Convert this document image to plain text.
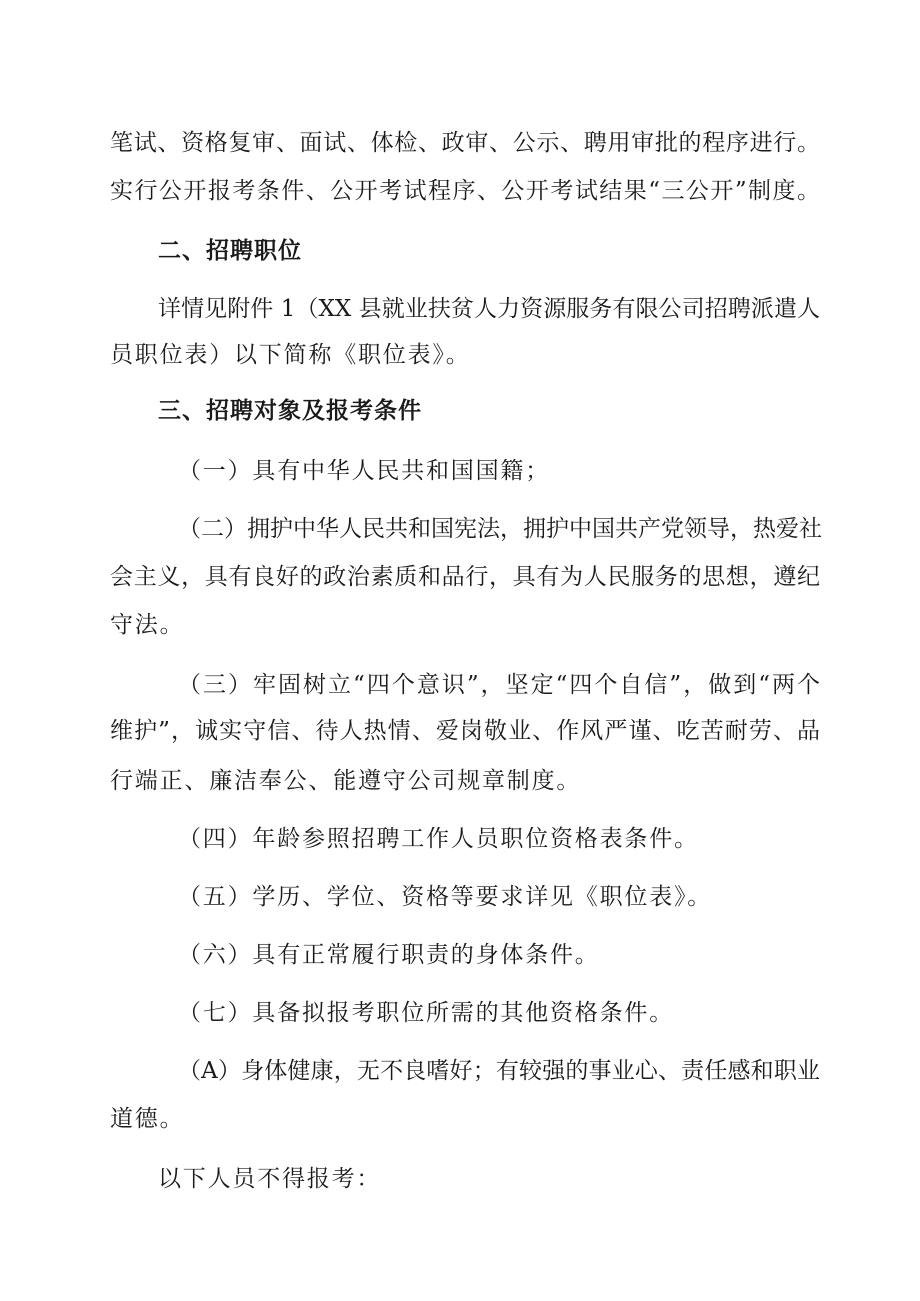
笔试、资格复审、面试、体检、政审、公示、聘用审批的程序进行。
实行公开报考条件、公开考试程序、公开考试结果“三公开”制度。
二、招聘职位
详情见附件 1（XX 县就业扶贫人力资源服务有限公司招聘派遣人
员职位表）以下简称《职位表》。
三、招聘对象及报考条件
（一）具有中华人民共和国国籍；
（二）拥护中华人民共和国宪法，拥护中国共产党领导，热爱社
会主义，具有良好的政治素质和品行，具有为人民服务的思想，遵纪
守法。
（三）牢固树立“四个意识”，坚定“四个自信”，做到“两个
维护”，诚实守信、待人热情、爱岗敬业、作风严谨、吃苦耐劳、品
行端正、廉洁奉公、能遵守公司规章制度。
（四）年龄参照招聘工作人员职位资格表条件。
（五）学历、学位、资格等要求详见《职位表》。
（六）具有正常履行职责的身体条件。
（七）具备拟报考职位所需的其他资格条件。
（A）身体健康，无不良嗜好；有较强的事业心、责任感和职业
道德。
以下人员不得报考：
